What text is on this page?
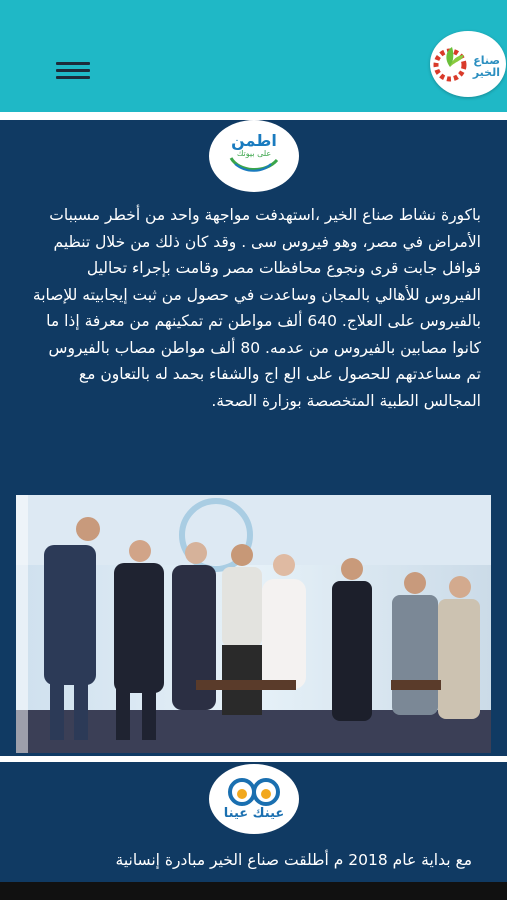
صناع الخير
اطمن
على بيوتك
باكورة نشاط صناع الخير ،استهدفت مواجهة واحد من أخطر مسببات الأمراض في مصر، وهو فيروس سى . وقد كان ذلك من خلال تنظيم قوافل جابت قرى ونجوع محافظات مصر وقامت بإجراء تحاليل الفيروس للأهالي بالمجان وساعدت في حصول من ثبت إيجابيته للإصابة بالفيروس على العلاج. 640 ألف مواطن تم تمكينهم من معرفة إذا ما كانوا مصابين بالفيروس من عدمه. 80 ألف مواطن مصاب بالفيروس تم مساعدتهم للحصول على الع اج والشفاء بحمد له بالتعاون مع المجالس الطبية المتخصصة بوزارة الصحة.
عينك عينا
مع بداية عام 2018 م أطلقت صناع الخير مبادرة إنسانية
